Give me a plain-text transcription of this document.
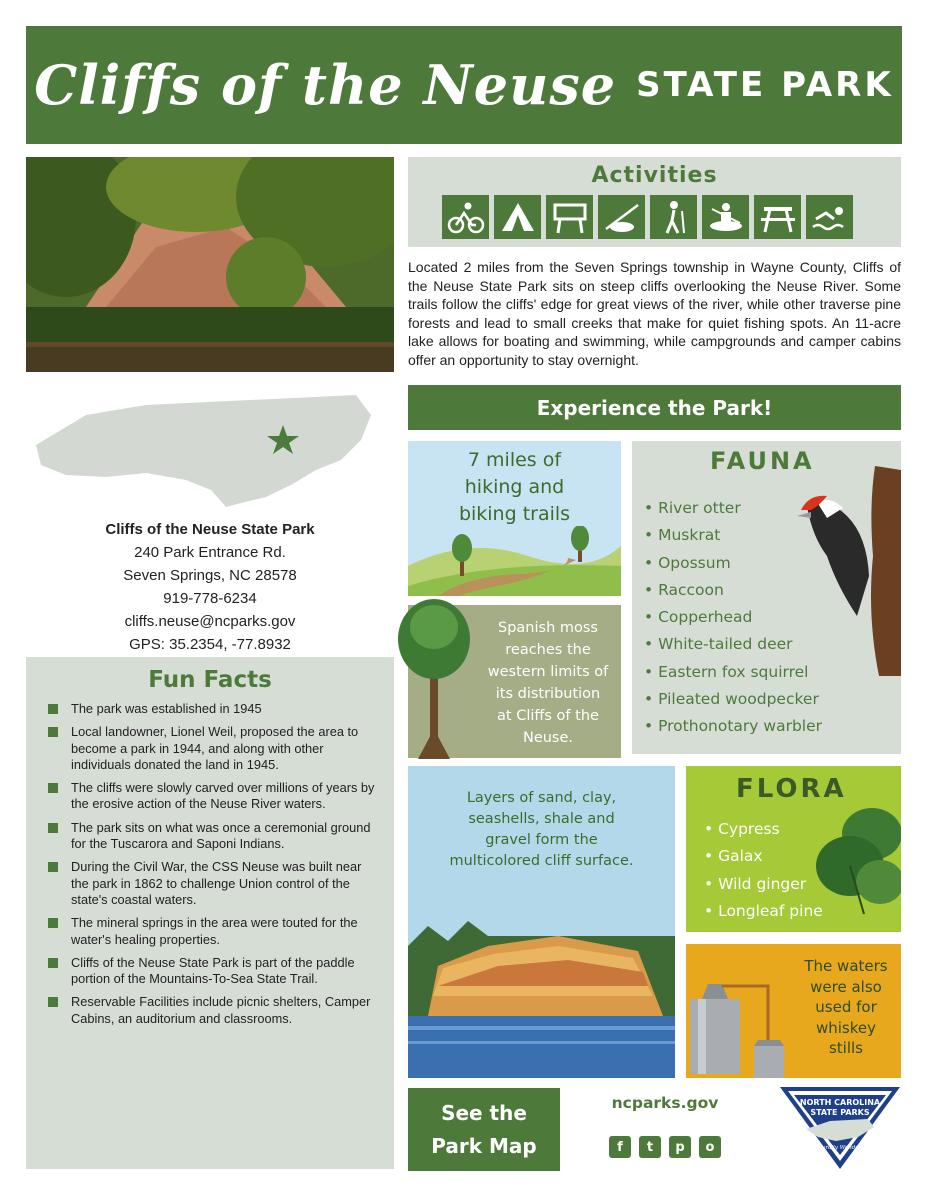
Cliffs of the Neuse STATE PARK
Activities
Located 2 miles from the Seven Springs township in Wayne County, Cliffs of the Neuse State Park sits on steep cliffs overlooking the Neuse River. Some trails follow the cliffs' edge for great views of the river, while other traverse pine forests and lead to small creeks that make for quiet fishing spots. An 11-acre lake allows for boating and swimming, while campgrounds and camper cabins offer an opportunity to stay overnight.
Experience the Park!
Cliffs of the Neuse State Park
240 Park Entrance Rd.
Seven Springs, NC 28578
919-778-6234
cliffs.neuse@ncparks.gov
GPS: 35.2354, -77.8932
Fun Facts
The park was established in 1945
Local landowner, Lionel Weil, proposed the area to become a park in 1944, and along with other individuals donated the land in 1945.
The cliffs were slowly carved over millions of years by the erosive action of the Neuse River waters.
The park sits on what was once a ceremonial ground for the Tuscarora and Saponi Indians.
During the Civil War, the CSS Neuse was built near the park in 1862 to challenge Union control of the state's coastal waters.
The mineral springs in the area were touted for the water's healing properties.
Cliffs of the Neuse State Park is part of the paddle portion of the Mountains-To-Sea State Trail.
Reservable Facilities include picnic shelters, Camper Cabins, an auditorium and classrooms.
7 miles of
hiking and
biking trails
Spanish moss
reaches the
western limits of
its distribution
at Cliffs of the
Neuse.
FAUNA
• River otter
• Muskrat
• Opossum
• Raccoon
• Copperhead
• White-tailed deer
• Eastern fox squirrel
• Pileated woodpecker
• Prothonotary warbler
Layers of sand, clay,
seashells, shale and
gravel form the
multicolored cliff surface.
FLORA
• Cypress
• Galax
• Wild ginger
• Longleaf pine
The waters
were also
used for
whiskey
stills
See the
Park Map
ncparks.gov
f	t	p	o
NORTH CAROLINA
STATE PARKS
Naturally Wonderful
